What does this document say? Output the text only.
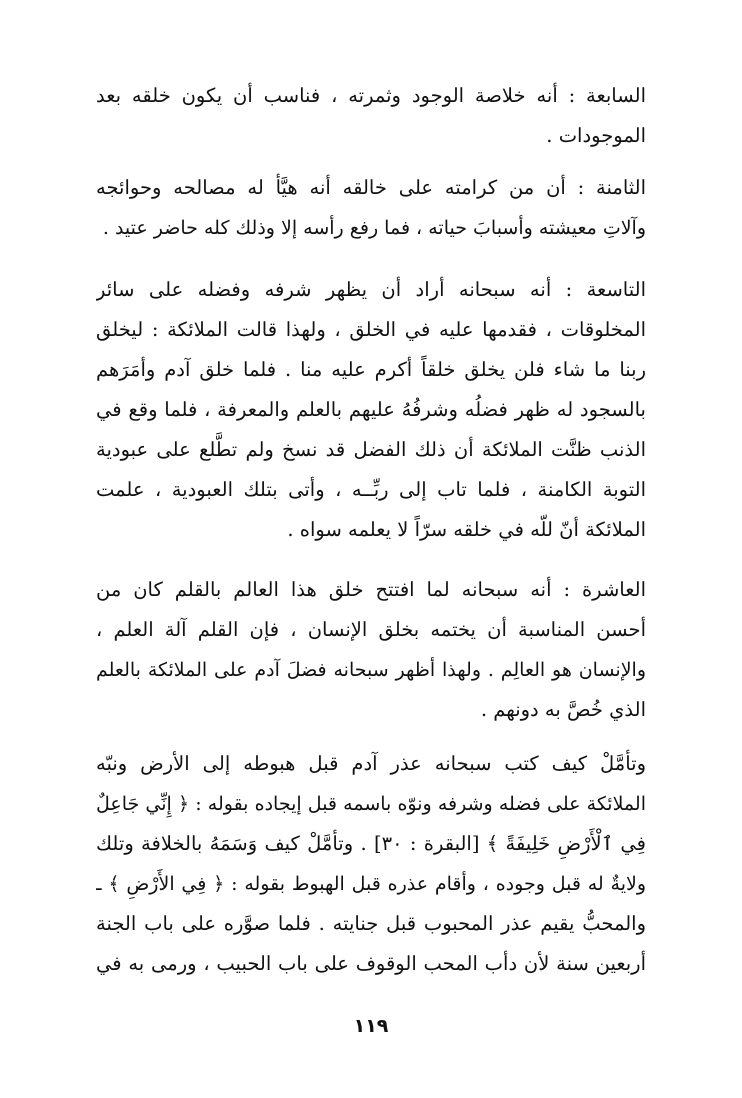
السابعة : أنه خلاصة الوجود وثمرته ، فناسب أن يكون خلقه بعد
الموجودات .
الثامنة : أن من كرامته على خالقه أنه هيَّأ له مصالحه وحوائجه
وآلاتِ معيشته وأسبابَ حياته ، فما رفع رأسه إلا وذلك كله حاضر عتيد .
التاسعة : أنه سبحانه أراد أن يظهر شرفه وفضله على سائر
المخلوقات ، فقدمها عليه في الخلق ، ولهذا قالت الملائكة : ليخلق
ربنا ما شاء فلن يخلق خلقاً أكرم عليه منا . فلما خلق آدم وأمَرَهم
بالسجود له ظهر فضلُه وشرفُهُ عليهم بالعلم والمعرفة ، فلما وقع في
الذنب ظنَّت الملائكة أن ذلك الفضل قد نسخ ولم تطَّلع على عبودية
التوبة الكامنة ، فلما تاب إلى ربِّــه ، وأتى بتلك العبودية ، علمت
الملائكة أنّ للّه في خلقه سرّاً لا يعلمه سواه .
العاشرة : أنه سبحانه لما افتتح خلق هذا العالم بالقلم كان من
أحسن المناسبة أن يختمه بخلق الإنسان ، فإن القلم آلة العلم ،
والإنسان هو العالِم . ولهذا أظهر سبحانه فضلَ آدم على الملائكة بالعلم
الذي خُصَّ به دونهم .
وتأمَّلْ كيف كتب سبحانه عذر آدم قبل هبوطه إلى الأرض ونبّه
الملائكة على فضله وشرفه ونوّه باسمه قبل إيجاده بقوله : ﴿ إِنِّي جَاعِلٌ
فِي ٱلْأَرْضِ خَلِيفَةً ﴾ [البقرة : ٣٠] . وتأمَّلْ كيف وَسَمَهُ بالخلافة وتلك
ولايةٌ له قبل وجوده ، وأقام عذره قبل الهبوط بقوله : ﴿ فِي الأَرْضِ ﴾ ـ
والمحبُّ يقيم عذر المحبوب قبل جنايته . فلما صوَّره على باب الجنة
أربعين سنة لأن دأب المحب الوقوف على باب الحبيب ، ورمى به في
١١٩
